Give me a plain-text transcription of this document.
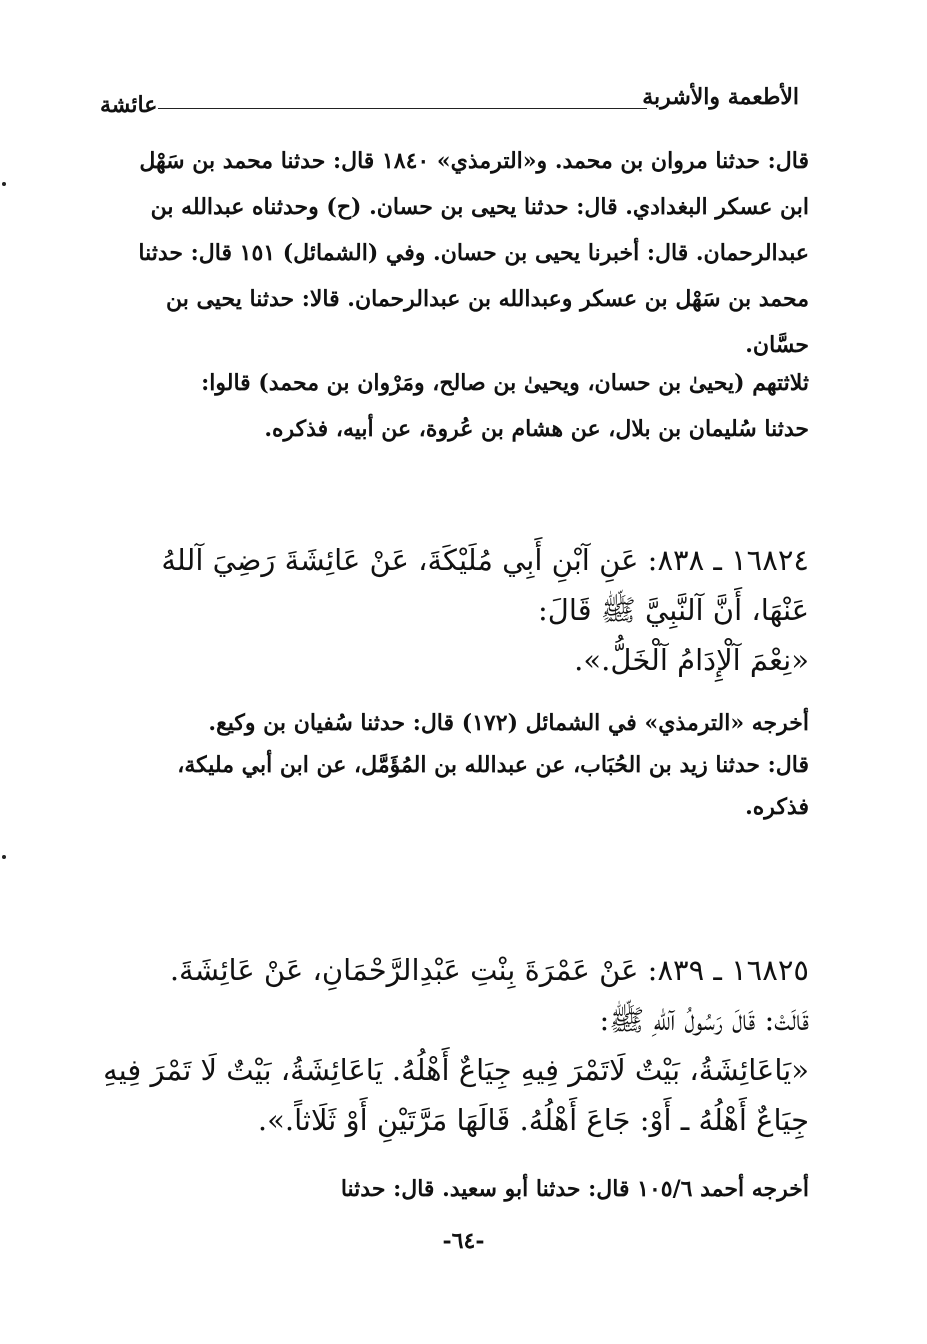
الأطعمة والأشربة
عائشة

قال: حدثنا مروان بن محمد. و«الترمذي» ١٨٤٠ قال: حدثنا محمد بن سَهْل

ابن عسكر البغدادي. قال: حدثنا يحيى بن حسان. (ح) وحدثناه عبدالله بن

عبدالرحمان. قال: أخبرنا يحيى بن حسان. وفي (الشمائل) ١٥١ قال: حدثنا

محمد بن سَهْل بن عسكر وعبدالله بن عبدالرحمان. قالا: حدثنا يحيى بن

حسَّان.

ثلاثتهم (يحيىٰ بن حسان، ويحيىٰ بن صالح، ومَرْوان بن محمد) قالوا:

حدثنا سُليمان بن بلال، عن هشام بن عُروة، عن أبيه، فذكره.

١٦٨٢٤ ـ ٨٣٨: عَنِ آبْنِ أَبِي مُلَيْكَةَ، عَنْ عَائِشَةَ رَضِيَ آللهُ

عَنْهَا، أَنَّ آلنَّبِيَّ ﷺ قَالَ:

«نِعْمَ آلْإِدَامُ آلْخَلُّ.».

أخرجه «الترمذي» في الشمائل (١٧٢) قال: حدثنا سُفيان بن وكيع.

قال: حدثنا زيد بن الحُبَاب، عن عبدالله بن المُؤَمَّل، عن ابن أبي مليكة،

فذكره.

١٦٨٢٥ ـ ٨٣٩: عَنْ عَمْرَةَ بِنْتِ عَبْدِالرَّحْمَانِ، عَنْ عَائِشَةَ.

قَالَتْ: قَالَ رَسُولُ آللهِ ﷺ:

«يَاعَائِشَةُ، بَيْتٌ لَاتَمْرَ فِيهِ جِيَاعٌ أَهْلُهُ. يَاعَائِشَةُ، بَيْتٌ لَا تَمْرَ فِيهِ

جِيَاعٌ أَهْلُهُ ـ أَوْ: جَاعَ أَهْلُهُ. قَالَهَا مَرَّتَيْنِ أَوْ ثَلَاثاً.».

أخرجه أحمد ١٠٥/٦ قال: حدثنا أبو سعيد. قال: حدثنا

-٦٤-
